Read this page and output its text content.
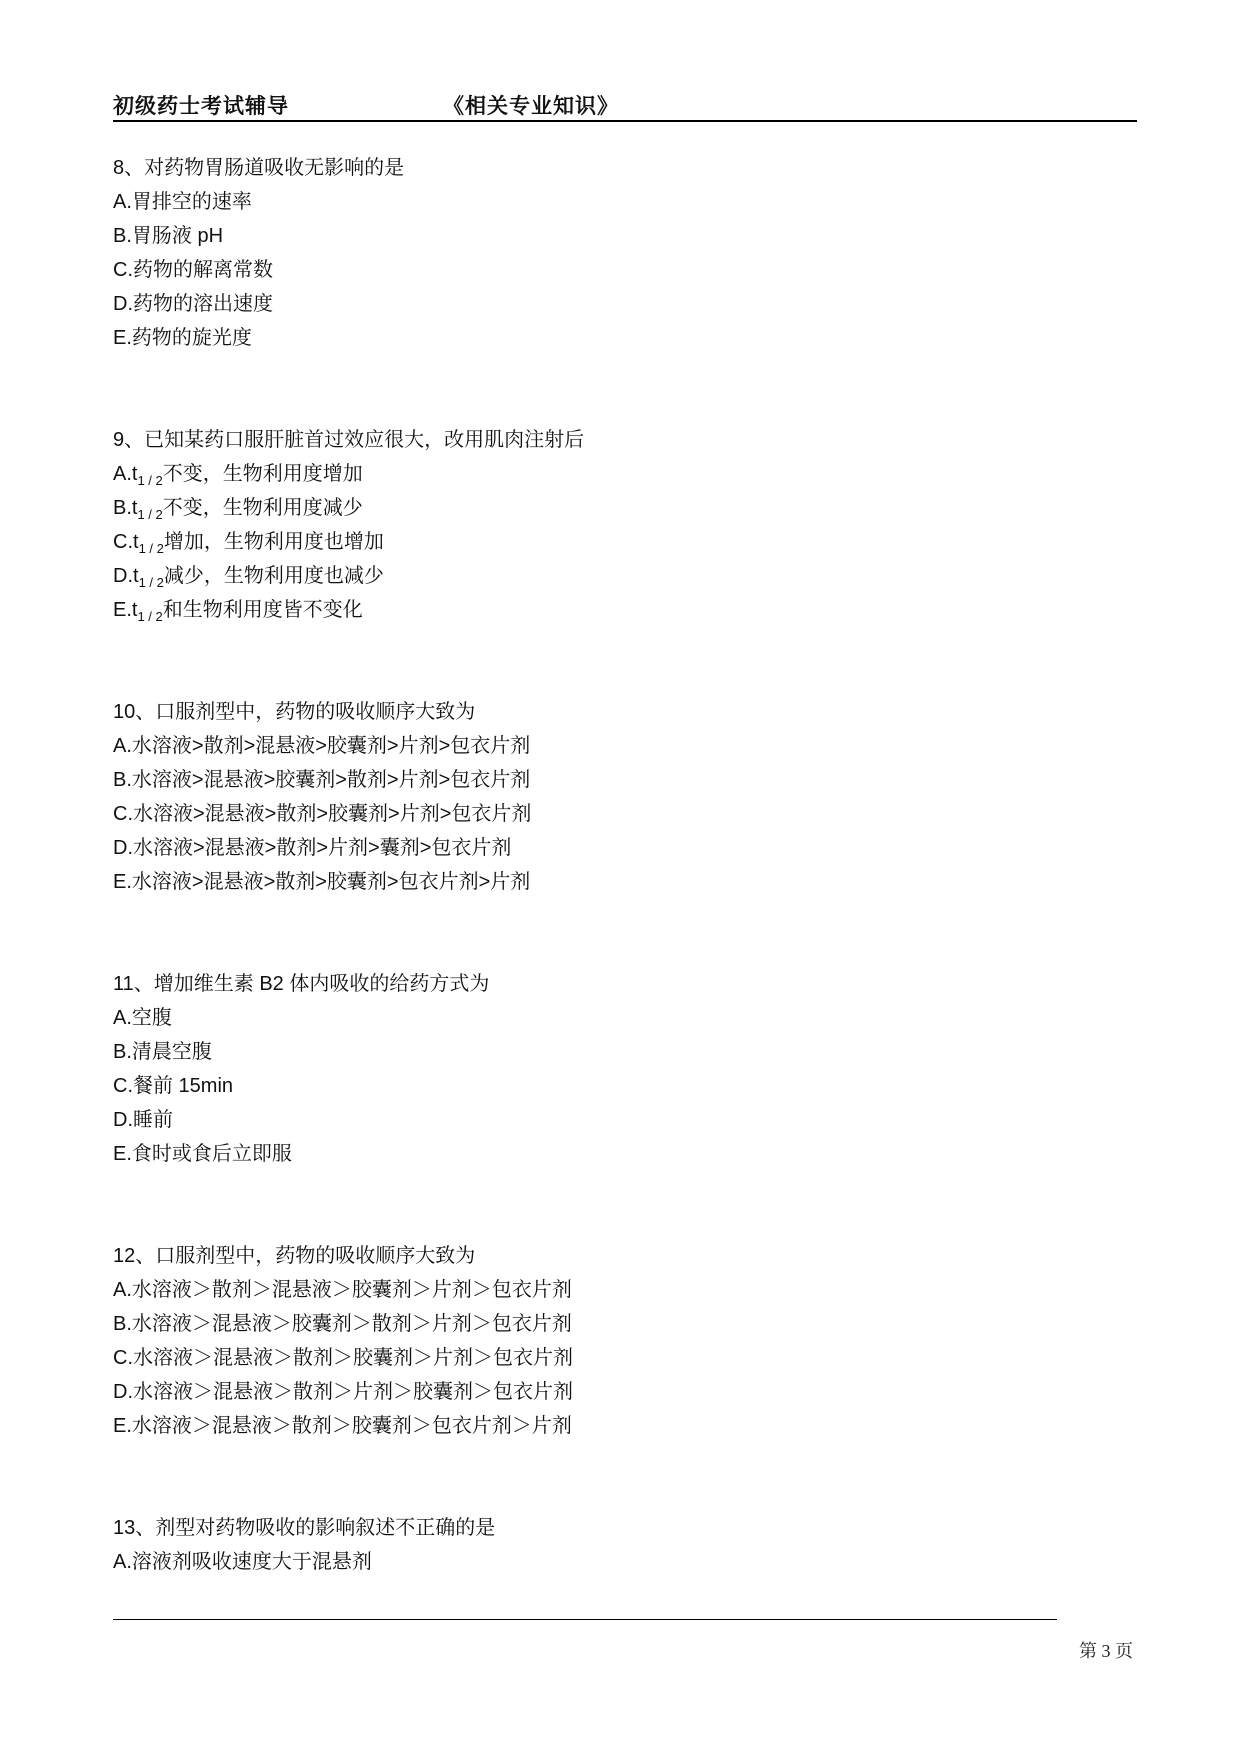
初级药士考试辅导	《相关专业知识》
8、对药物胃肠道吸收无影响的是
A.胃排空的速率
B.胃肠液 pH
C.药物的解离常数
D.药物的溶出速度
E.药物的旋光度
9、已知某药口服肝脏首过效应很大，改用肌肉注射后
$A.t_{1 / 2}$不变，生物利用度增加
$B.t_{1 / 2}$不变，生物利用度减少
$C.t_{1 / 2}$增加，生物利用度也增加
$D.t_{1 / 2}$减少，生物利用度也减少
$E.t_{1 / 2}$和生物利用度皆不变化
10、口服剂型中，药物的吸收顺序大致为
A.水溶液>散剂>混悬液>胶囊剂>片剂>包衣片剂
B.水溶液>混悬液>胶囊剂>散剂>片剂>包衣片剂
C.水溶液>混悬液>散剂>胶囊剂>片剂>包衣片剂
D.水溶液>混悬液>散剂>片剂>囊剂>包衣片剂
E.水溶液>混悬液>散剂>胶囊剂>包衣片剂>片剂
11、增加维生素 B2 体内吸收的给药方式为
A.空腹
B.清晨空腹
C.餐前 15min
D.睡前
E.食时或食后立即服
12、口服剂型中，药物的吸收顺序大致为
A.水溶液＞散剂＞混悬液＞胶囊剂＞片剂＞包衣片剂
B.水溶液＞混悬液＞胶囊剂＞散剂＞片剂＞包衣片剂
C.水溶液＞混悬液＞散剂＞胶囊剂＞片剂＞包衣片剂
D.水溶液＞混悬液＞散剂＞片剂＞胶囊剂＞包衣片剂
E.水溶液＞混悬液＞散剂＞胶囊剂＞包衣片剂＞片剂
13、剂型对药物吸收的影响叙述不正确的是
A.溶液剂吸收速度大于混悬剂
第 3 页
